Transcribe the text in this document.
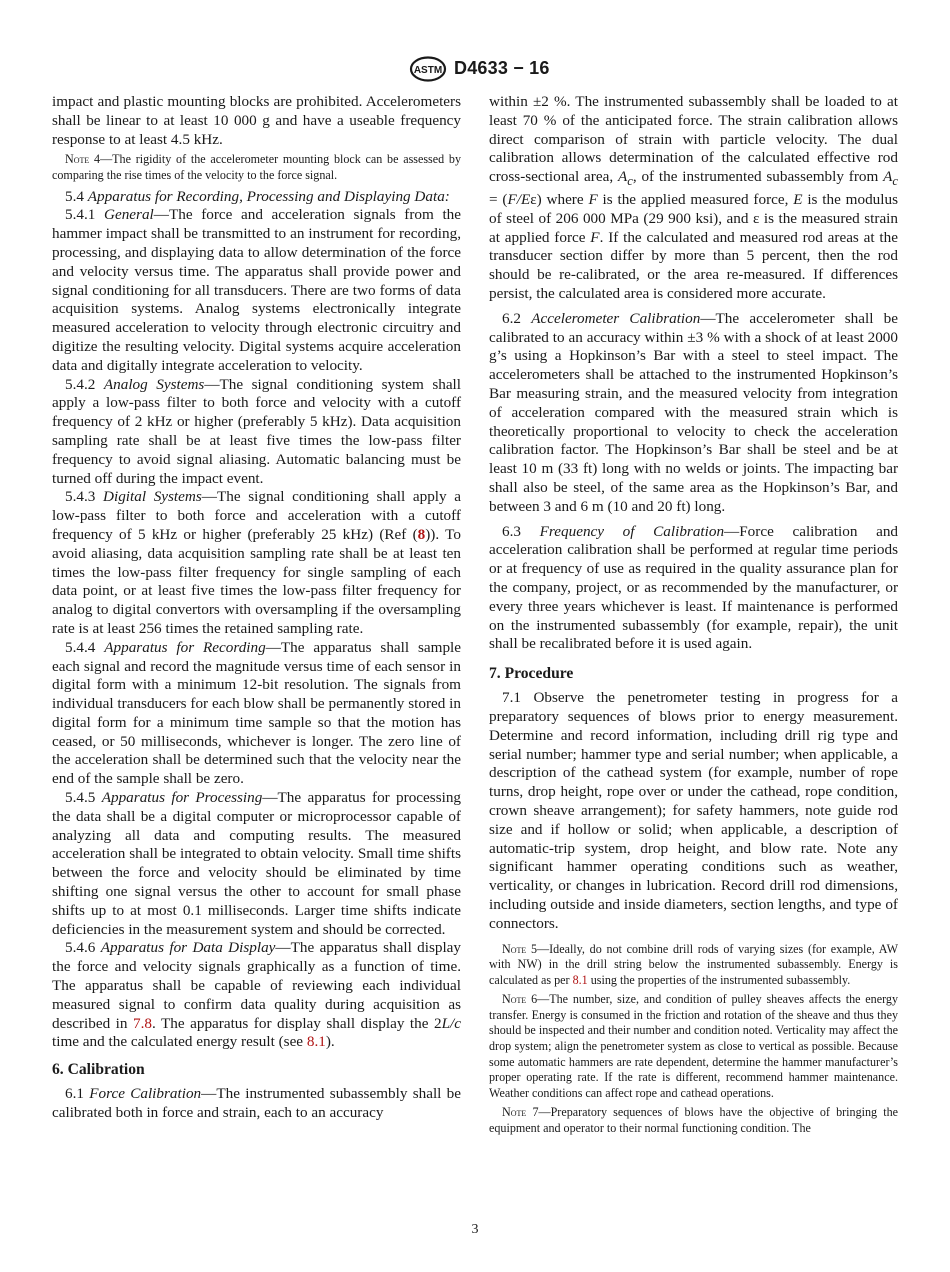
ASTM D4633 − 16

impact and plastic mounting blocks are prohibited. Accelerometers shall be linear to at least 10 000 g and have a useable frequency response to at least 4.5 kHz.

Note 4—The rigidity of the accelerometer mounting block can be assessed by comparing the rise times of the velocity to the force signal.

5.4 Apparatus for Recording, Processing and Displaying Data:

5.4.1 General—The force and acceleration signals from the hammer impact shall be transmitted to an instrument for recording, processing, and displaying data to allow determination of the force and velocity versus time. The apparatus shall provide power and signal conditioning for all transducers. There are two forms of data acquisition systems. Analog systems electronically integrate measured acceleration to velocity through electronic circuitry and digitize the resulting velocity. Digital systems acquire acceleration data and digitally integrate acceleration to velocity.

5.4.2 Analog Systems—The signal conditioning system shall apply a low-pass filter to both force and velocity with a cutoff frequency of 2 kHz or higher (preferably 5 kHz). Data acquisition sampling rate shall be at least five times the low-pass filter frequency to avoid signal aliasing. Automatic balancing must be turned off during the impact event.

5.4.3 Digital Systems—The signal conditioning shall apply a low-pass filter to both force and acceleration with a cutoff frequency of 5 kHz or higher (preferably 25 kHz) (Ref (8)). To avoid aliasing, data acquisition sampling rate shall be at least ten times the low-pass filter frequency for single sampling of each data point, or at least five times the low-pass filter frequency for analog to digital convertors with oversampling if the oversampling rate is at least 256 times the retained sampling rate.

5.4.4 Apparatus for Recording—The apparatus shall sample each signal and record the magnitude versus time of each sensor in digital form with a minimum 12-bit resolution. The signals from individual transducers for each blow shall be permanently stored in digital form for a minimum time sample so that the motion has ceased, or 50 milliseconds, whichever is longer. The zero line of the acceleration shall be determined such that the velocity near the end of the sample shall be zero.

5.4.5 Apparatus for Processing—The apparatus for processing the data shall be a digital computer or microprocessor capable of analyzing all data and computing results. The measured acceleration shall be integrated to obtain velocity. Small time shifts between the force and velocity should be eliminated by time shifting one signal versus the other to account for small phase shifts up to at most 0.1 milliseconds. Larger time shifts indicate deficiencies in the measurement system and should be corrected.

5.4.6 Apparatus for Data Display—The apparatus shall display the force and velocity signals graphically as a function of time. The apparatus shall be capable of reviewing each individual measured signal to confirm data quality during acquisition as described in 7.8. The apparatus for display shall display the 2L/c time and the calculated energy result (see 8.1).

6. Calibration

6.1 Force Calibration—The instrumented subassembly shall be calibrated both in force and strain, each to an accuracy

within ±2 %. The instrumented subassembly shall be loaded to at least 70 % of the anticipated force. The strain calibration allows direct comparison of strain with particle velocity. The dual calibration allows determination of the calculated effective rod cross-sectional area, $A_c$, of the instrumented subassembly from $A_c = (F/E\varepsilon)$ where F is the applied measured force, E is the modulus of steel of 206 000 MPa (29 900 ksi), and ε is the measured strain at applied force F. If the calculated and measured rod areas at the transducer section differ by more than 5 percent, then the rod should be re-calibrated, or the area re-measured. If differences persist, the calculated area is considered more accurate.

6.2 Accelerometer Calibration—The accelerometer shall be calibrated to an accuracy within ±3 % with a shock of at least 2000 g’s using a Hopkinson’s Bar with a steel to steel impact. The accelerometers shall be attached to the instrumented Hopkinson’s Bar measuring strain, and the measured velocity from integration of acceleration compared with the measured strain which is theoretically proportional to velocity to check the acceleration calibration factor. The Hopkinson’s Bar shall be steel and be at least 10 m (33 ft) long with no welds or joints. The impacting bar shall also be steel, of the same area as the Hopkinson’s Bar, and between 3 and 6 m (10 and 20 ft) long.

6.3 Frequency of Calibration—Force calibration and acceleration calibration shall be performed at regular time periods or at frequency of use as required in the quality assurance plan for the company, project, or as recommended by the manufacturer, or every three years whichever is least. If maintenance is performed on the instrumented subassembly (for example, repair), the unit shall be recalibrated before it is used again.

7. Procedure

7.1 Observe the penetrometer testing in progress for a preparatory sequences of blows prior to energy measurement. Determine and record information, including drill rig type and serial number; hammer type and serial number; when applicable, a description of the cathead system (for example, number of rope turns, drop height, rope over or under the cathead, rope condition, crown sheave arrangement); for safety hammers, note guide rod size and if hollow or solid; when applicable, a description of automatic-trip system, drop height, and blow rate. Note any significant hammer operating conditions such as weather, verticality, or changes in lubrication. Record drill rod dimensions, including outside and inside diameters, section lengths, and type of connectors.

Note 5—Ideally, do not combine drill rods of varying sizes (for example, AW with NW) in the drill string below the instrumented subassembly. Energy is calculated as per 8.1 using the properties of the instrumented subassembly.

Note 6—The number, size, and condition of pulley sheaves affects the energy transfer. Energy is consumed in the friction and rotation of the sheave and thus they should be inspected and their number and condition noted. Verticality may affect the drop system; align the penetrometer system as close to vertical as possible. Because some automatic hammers are rate dependent, determine the hammer manufacturer’s proper operating rate. If the rate is different, recommend hammer maintenance. Weather conditions can affect rope and cathead operations.

Note 7—Preparatory sequences of blows have the objective of bringing the equipment and operator to their normal functioning condition. The

3
